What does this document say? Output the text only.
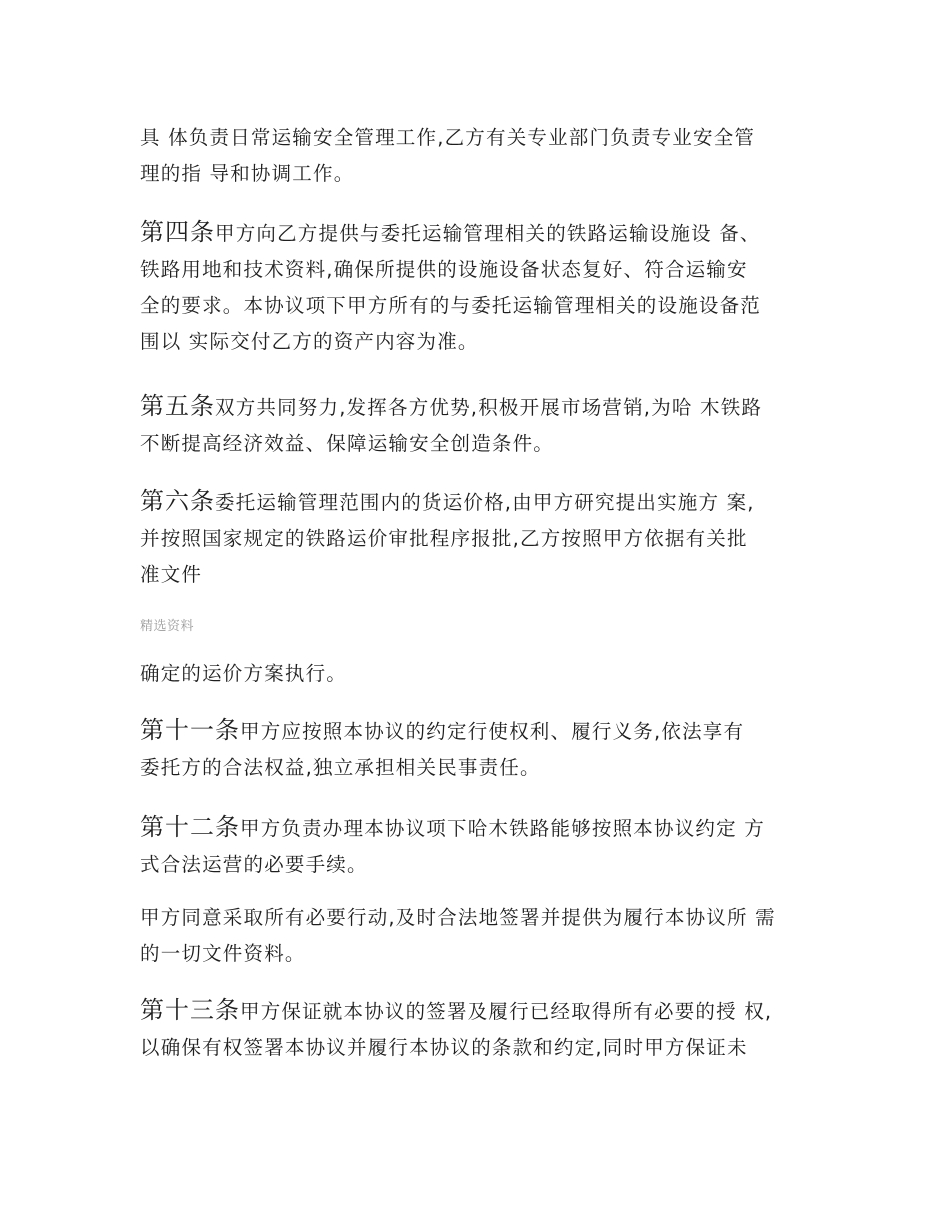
具 体负责日常运输安全管理工作,乙方有关专业部门负责专业安全管
理的指 导和协调工作。
第四条甲方向乙方提供与委托运输管理相关的铁路运输设施设 备、
铁路用地和技术资料,确保所提供的设施设备状态复好、符合运输安
全的要求。本协议项下甲方所有的与委托运输管理相关的设施设备范
围以 实际交付乙方的资产内容为准。
第五条双方共同努力,发挥各方优势,积极开展市场营销,为哈 木铁路
不断提高经济效益、保障运输安全创造条件。
第六条委托运输管理范围内的货运价格,由甲方研究提出实施方 案,
并按照国家规定的铁路运价审批程序报批,乙方按照甲方依据有关批
准文件
精选资料
确定的运价方案执行。
第十一条甲方应按照本协议的约定行使权利、履行义务,依法享有
委托方的合法权益,独立承担相关民事责任。
第十二条甲方负责办理本协议项下哈木铁路能够按照本协议约定 方
式合法运营的必要手续。
甲方同意采取所有必要行动,及时合法地签署并提供为履行本协议所 需
的一切文件资料。
第十三条甲方保证就本协议的签署及履行已经取得所有必要的授 权,
以确保有权签署本协议并履行本协议的条款和约定,同时甲方保证未
